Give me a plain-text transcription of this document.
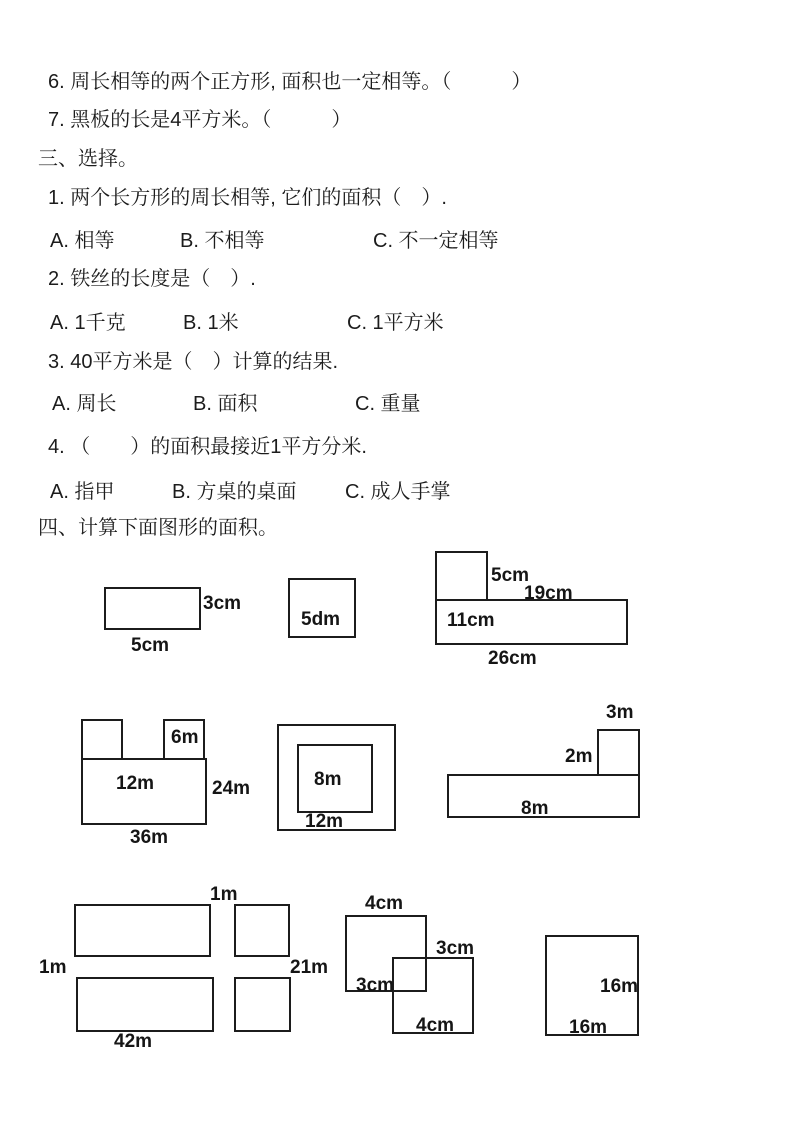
6. 周长相等的两个正方形, 面积也一定相等。（　　　）
7. 黑板的长是4平方米。（　　　）
三、选择。
1. 两个长方形的周长相等, 它们的面积（　）.
A. 相等	B. 不相等	C. 不一定相等
2. 铁丝的长度是（　）.
A. 1千克	B. 1米	C. 1平方米
3. 40平方米是（　）计算的结果.
A. 周长	B. 面积	C. 重量
4. （　　）的面积最接近1平方分米.
A. 指甲	B. 方桌的桌面 C. 成人手掌
四、计算下面图形的面积。
3cm
5cm
5dm
5cm
19cm
11cm
26cm
6m
12m	24m
36m
8m
12m
3m
2m
8m
1m
1m	21m
42m
4cm
3cm
3cm
4cm
16m
16m
